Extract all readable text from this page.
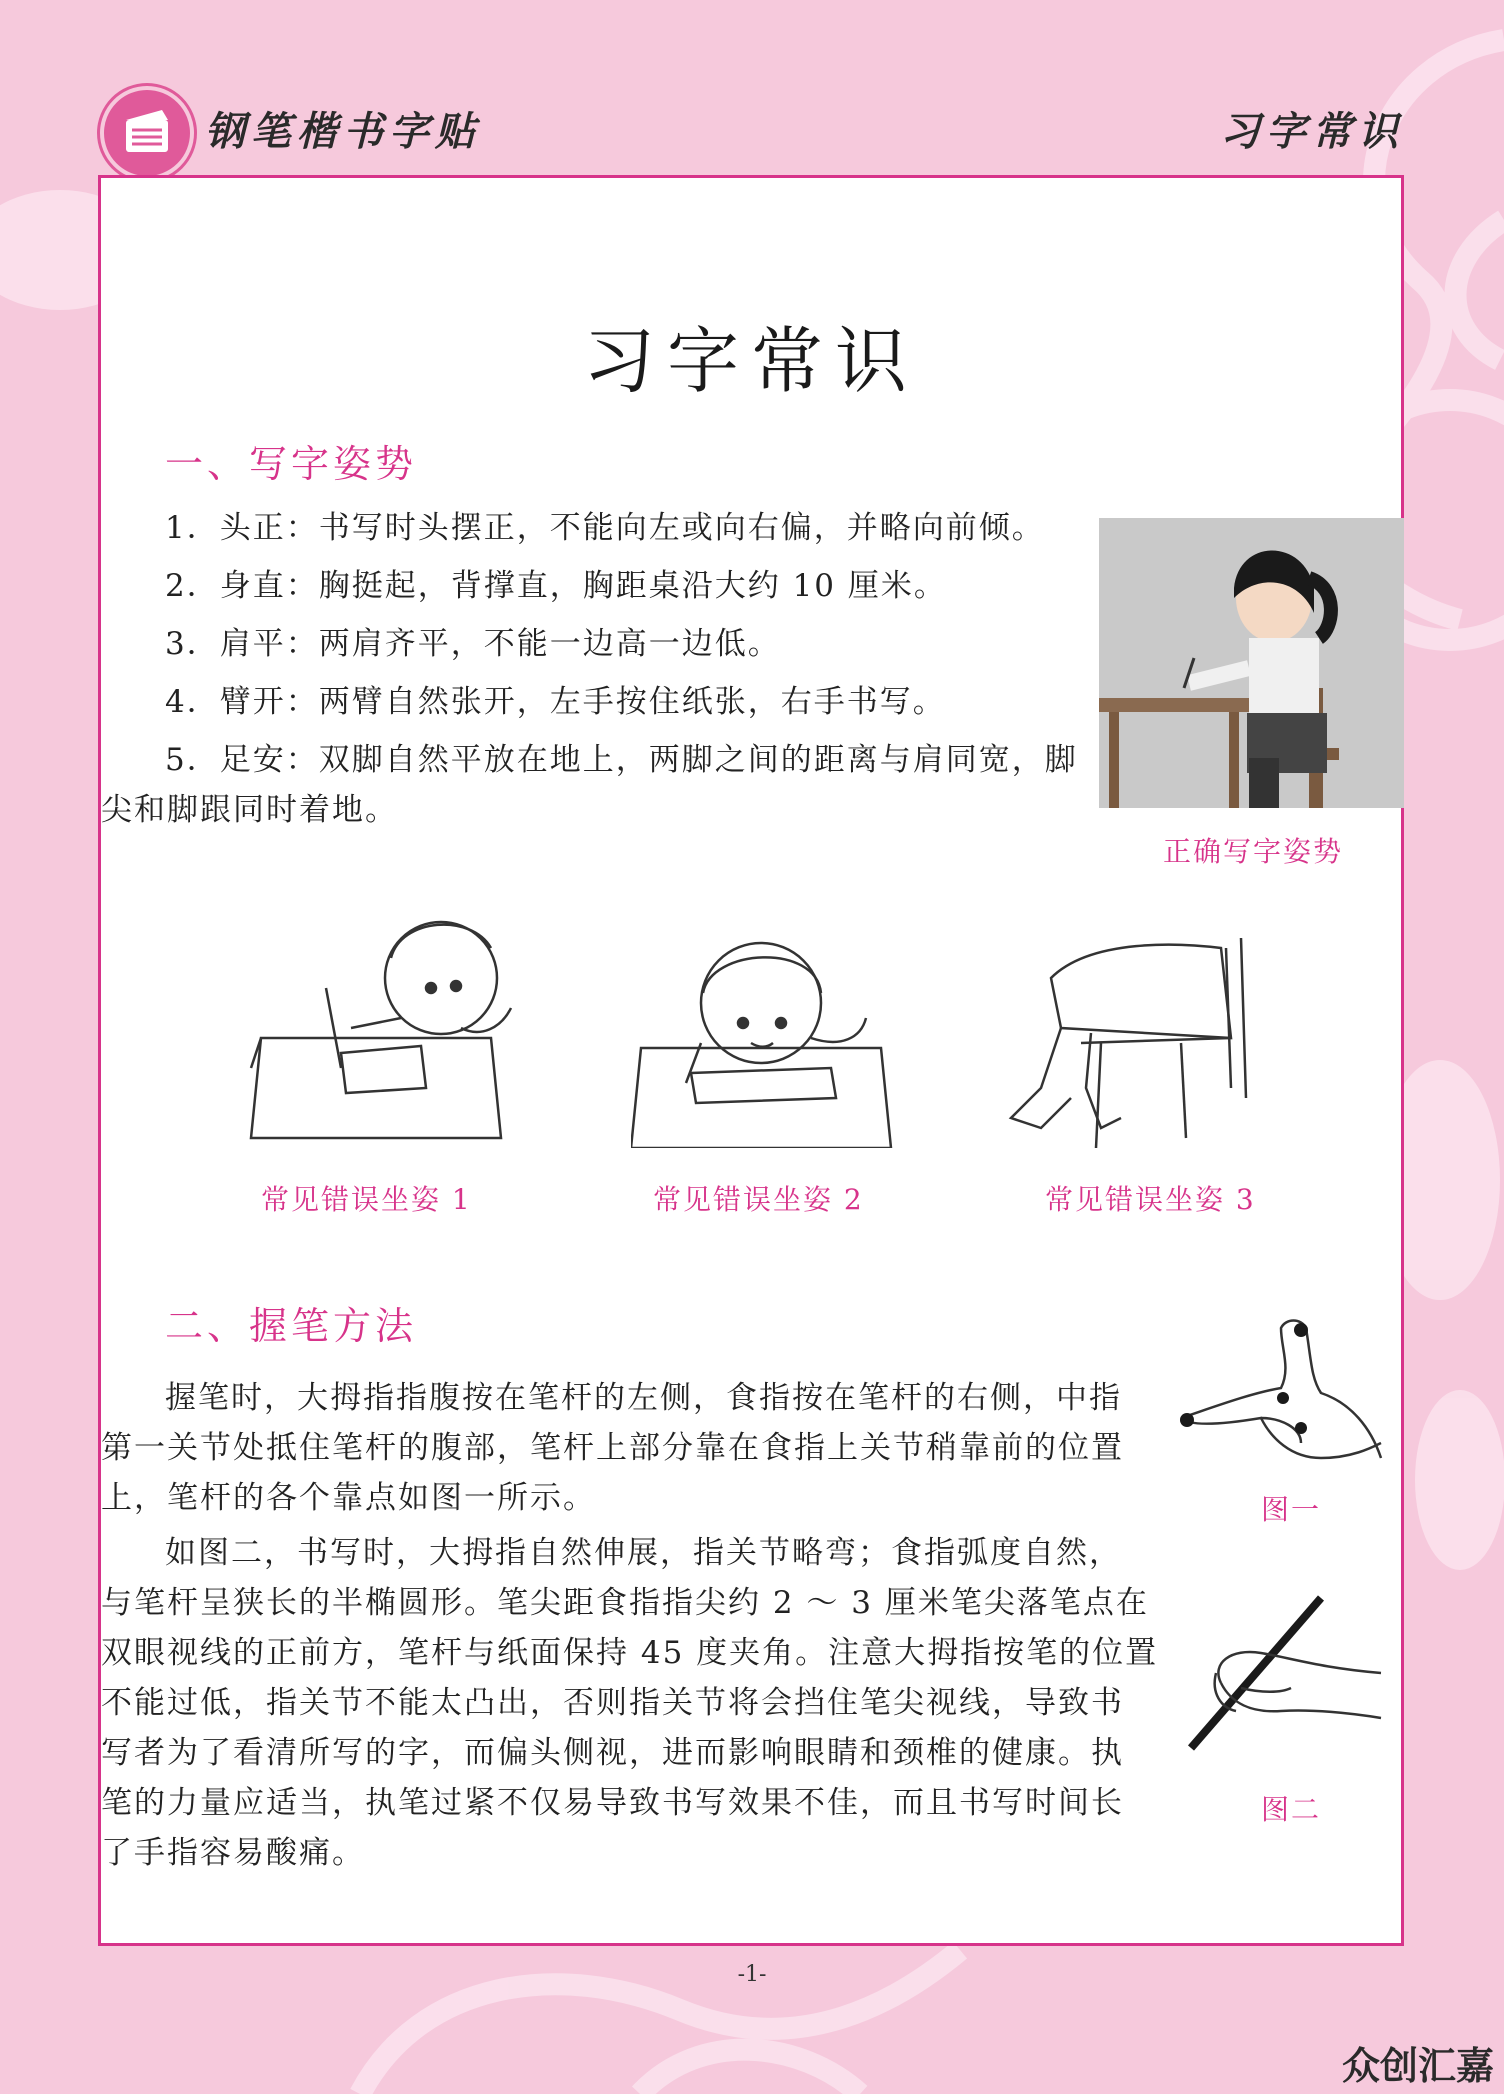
钢笔楷书字贴	习字常识
习字常识
一、写字姿势
1．头正：书写时头摆正，不能向左或向右偏，并略向前倾。
2．身直：胸挺起，背撑直，胸距桌沿大约 10 厘米。
3．肩平：两肩齐平，不能一边高一边低。
4．臂开：两臂自然张开，左手按住纸张，右手书写。
5．足安：双脚自然平放在地上，两脚之间的距离与肩同宽，脚
尖和脚跟同时着地。
正确写字姿势
常见错误坐姿 1	常见错误坐姿 2	常见错误坐姿 3
二、握笔方法
握笔时，大拇指指腹按在笔杆的左侧，食指按在笔杆的右侧，中指
第一关节处抵住笔杆的腹部，笔杆上部分靠在食指上关节稍靠前的位置
上，笔杆的各个靠点如图一所示。
如图二，书写时，大拇指自然伸展，指关节略弯；食指弧度自然，
与笔杆呈狭长的半椭圆形。笔尖距食指指尖约 2 ～ 3 厘米笔尖落笔点在
双眼视线的正前方，笔杆与纸面保持 45 度夹角。注意大拇指按笔的位置
不能过低，指关节不能太凸出，否则指关节将会挡住笔尖视线，导致书
写者为了看清所写的字，而偏头侧视，进而影响眼睛和颈椎的健康。执
笔的力量应适当，执笔过紧不仅易导致书写效果不佳，而且书写时间长
了手指容易酸痛。
图一
图二
-1-
众创汇嘉
